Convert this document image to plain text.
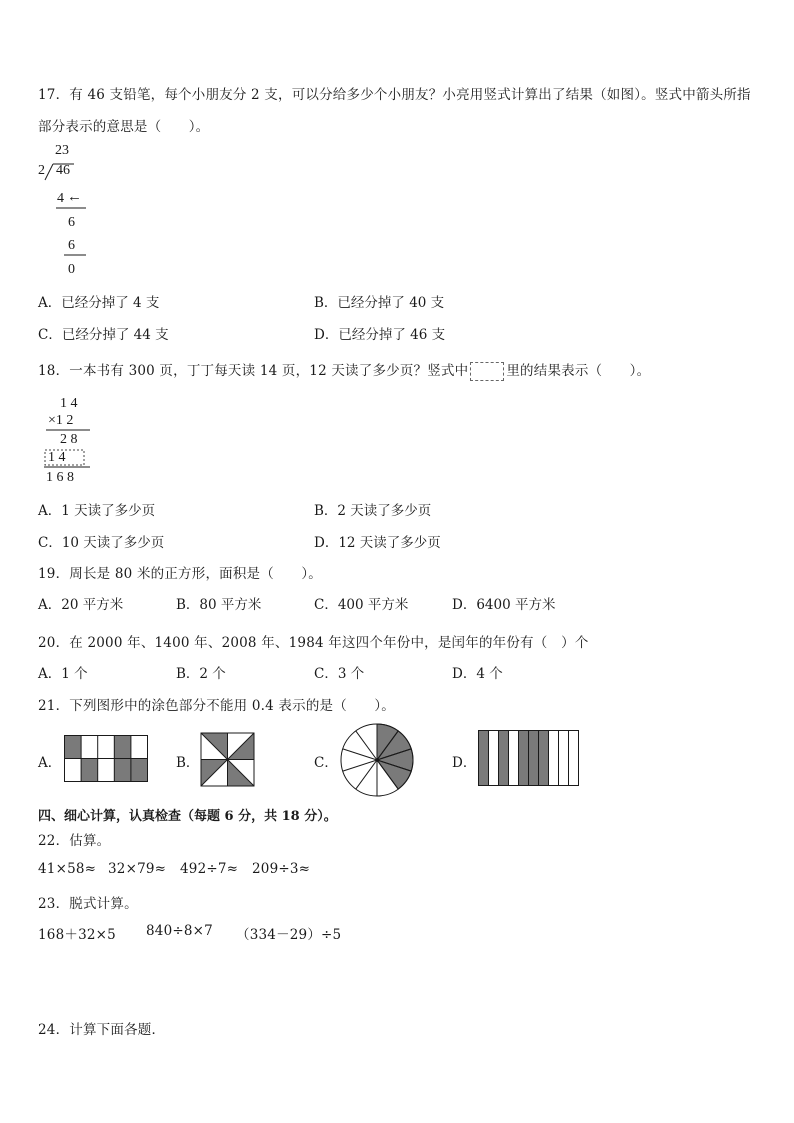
17．有 46 支铅笔，每个小朋友分 2 支，可以分给多少个小朋友？小亮用竖式计算出了结果（如图）。竖式中箭头所指
部分表示的意思是（　　）。
23
2 46
4 ←
6
6
0
A．已经分掉了 4 支	B．已经分掉了 40 支
C．已经分掉了 44 支	D．已经分掉了 46 支
18．一本书有 300 页，丁丁每天读 14 页，12 天读了多少页？竖式中	里的结果表示（　　）。
1 4
×1 2
2 8
1 4
1 6 8
A．1 天读了多少页	B．2 天读了多少页
C．10 天读了多少页	D．12 天读了多少页
19．周长是 80 米的正方形，面积是（　　）。
A．20 平方米	B．80 平方米	C．400 平方米	D．6400 平方米
20．在 2000 年、1400 年、2008 年、1984 年这四个年份中，是闰年的年份有（　）个
A．1 个	B．2 个	C．3 个	D．4 个
21．下列图形中的涂色部分不能用 0.4 表示的是（　　）。
A．	B．	C．	D．
四、细心计算，认真检查（每题 6 分，共 18 分）。
22．估算。
41×58≈ 32×79≈ 492÷7≈ 209÷3≈
23．脱式计算。
168＋32×5 840÷8×7 （334－29）÷5
24．计算下面各题．
